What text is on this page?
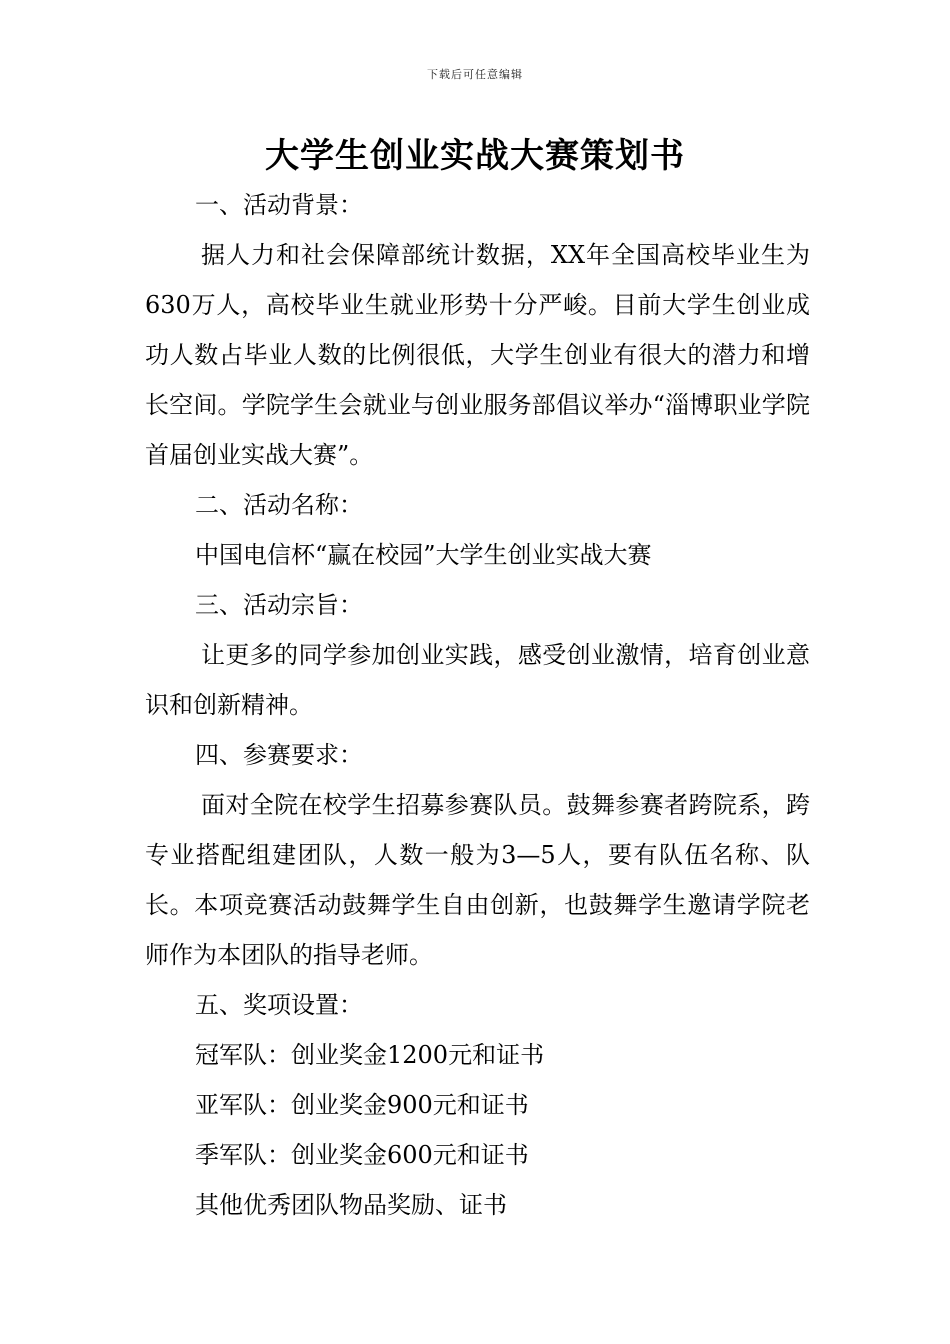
下载后可任意编辑
大学生创业实战大赛策划书

一、活动背景：

据人力和社会保障部统计数据，XX年全国高校毕业生为630万人，高校毕业生就业形势十分严峻。目前大学生创业成功人数占毕业人数的比例很低，大学生创业有很大的潜力和增长空间。学院学生会就业与创业服务部倡议举办“淄博职业学院首届创业实战大赛”。

二、活动名称：

中国电信杯“赢在校园”大学生创业实战大赛

三、活动宗旨：

让更多的同学参加创业实践，感受创业激情，培育创业意识和创新精神。

四、参赛要求：

面对全院在校学生招募参赛队员。鼓舞参赛者跨院系，跨专业搭配组建团队，人数一般为3—5人，要有队伍名称、队长。本项竞赛活动鼓舞学生自由创新，也鼓舞学生邀请学院老师作为本团队的指导老师。

五、奖项设置：

冠军队：创业奖金1200元和证书

亚军队：创业奖金900元和证书

季军队：创业奖金600元和证书

其他优秀团队物品奖励、证书
